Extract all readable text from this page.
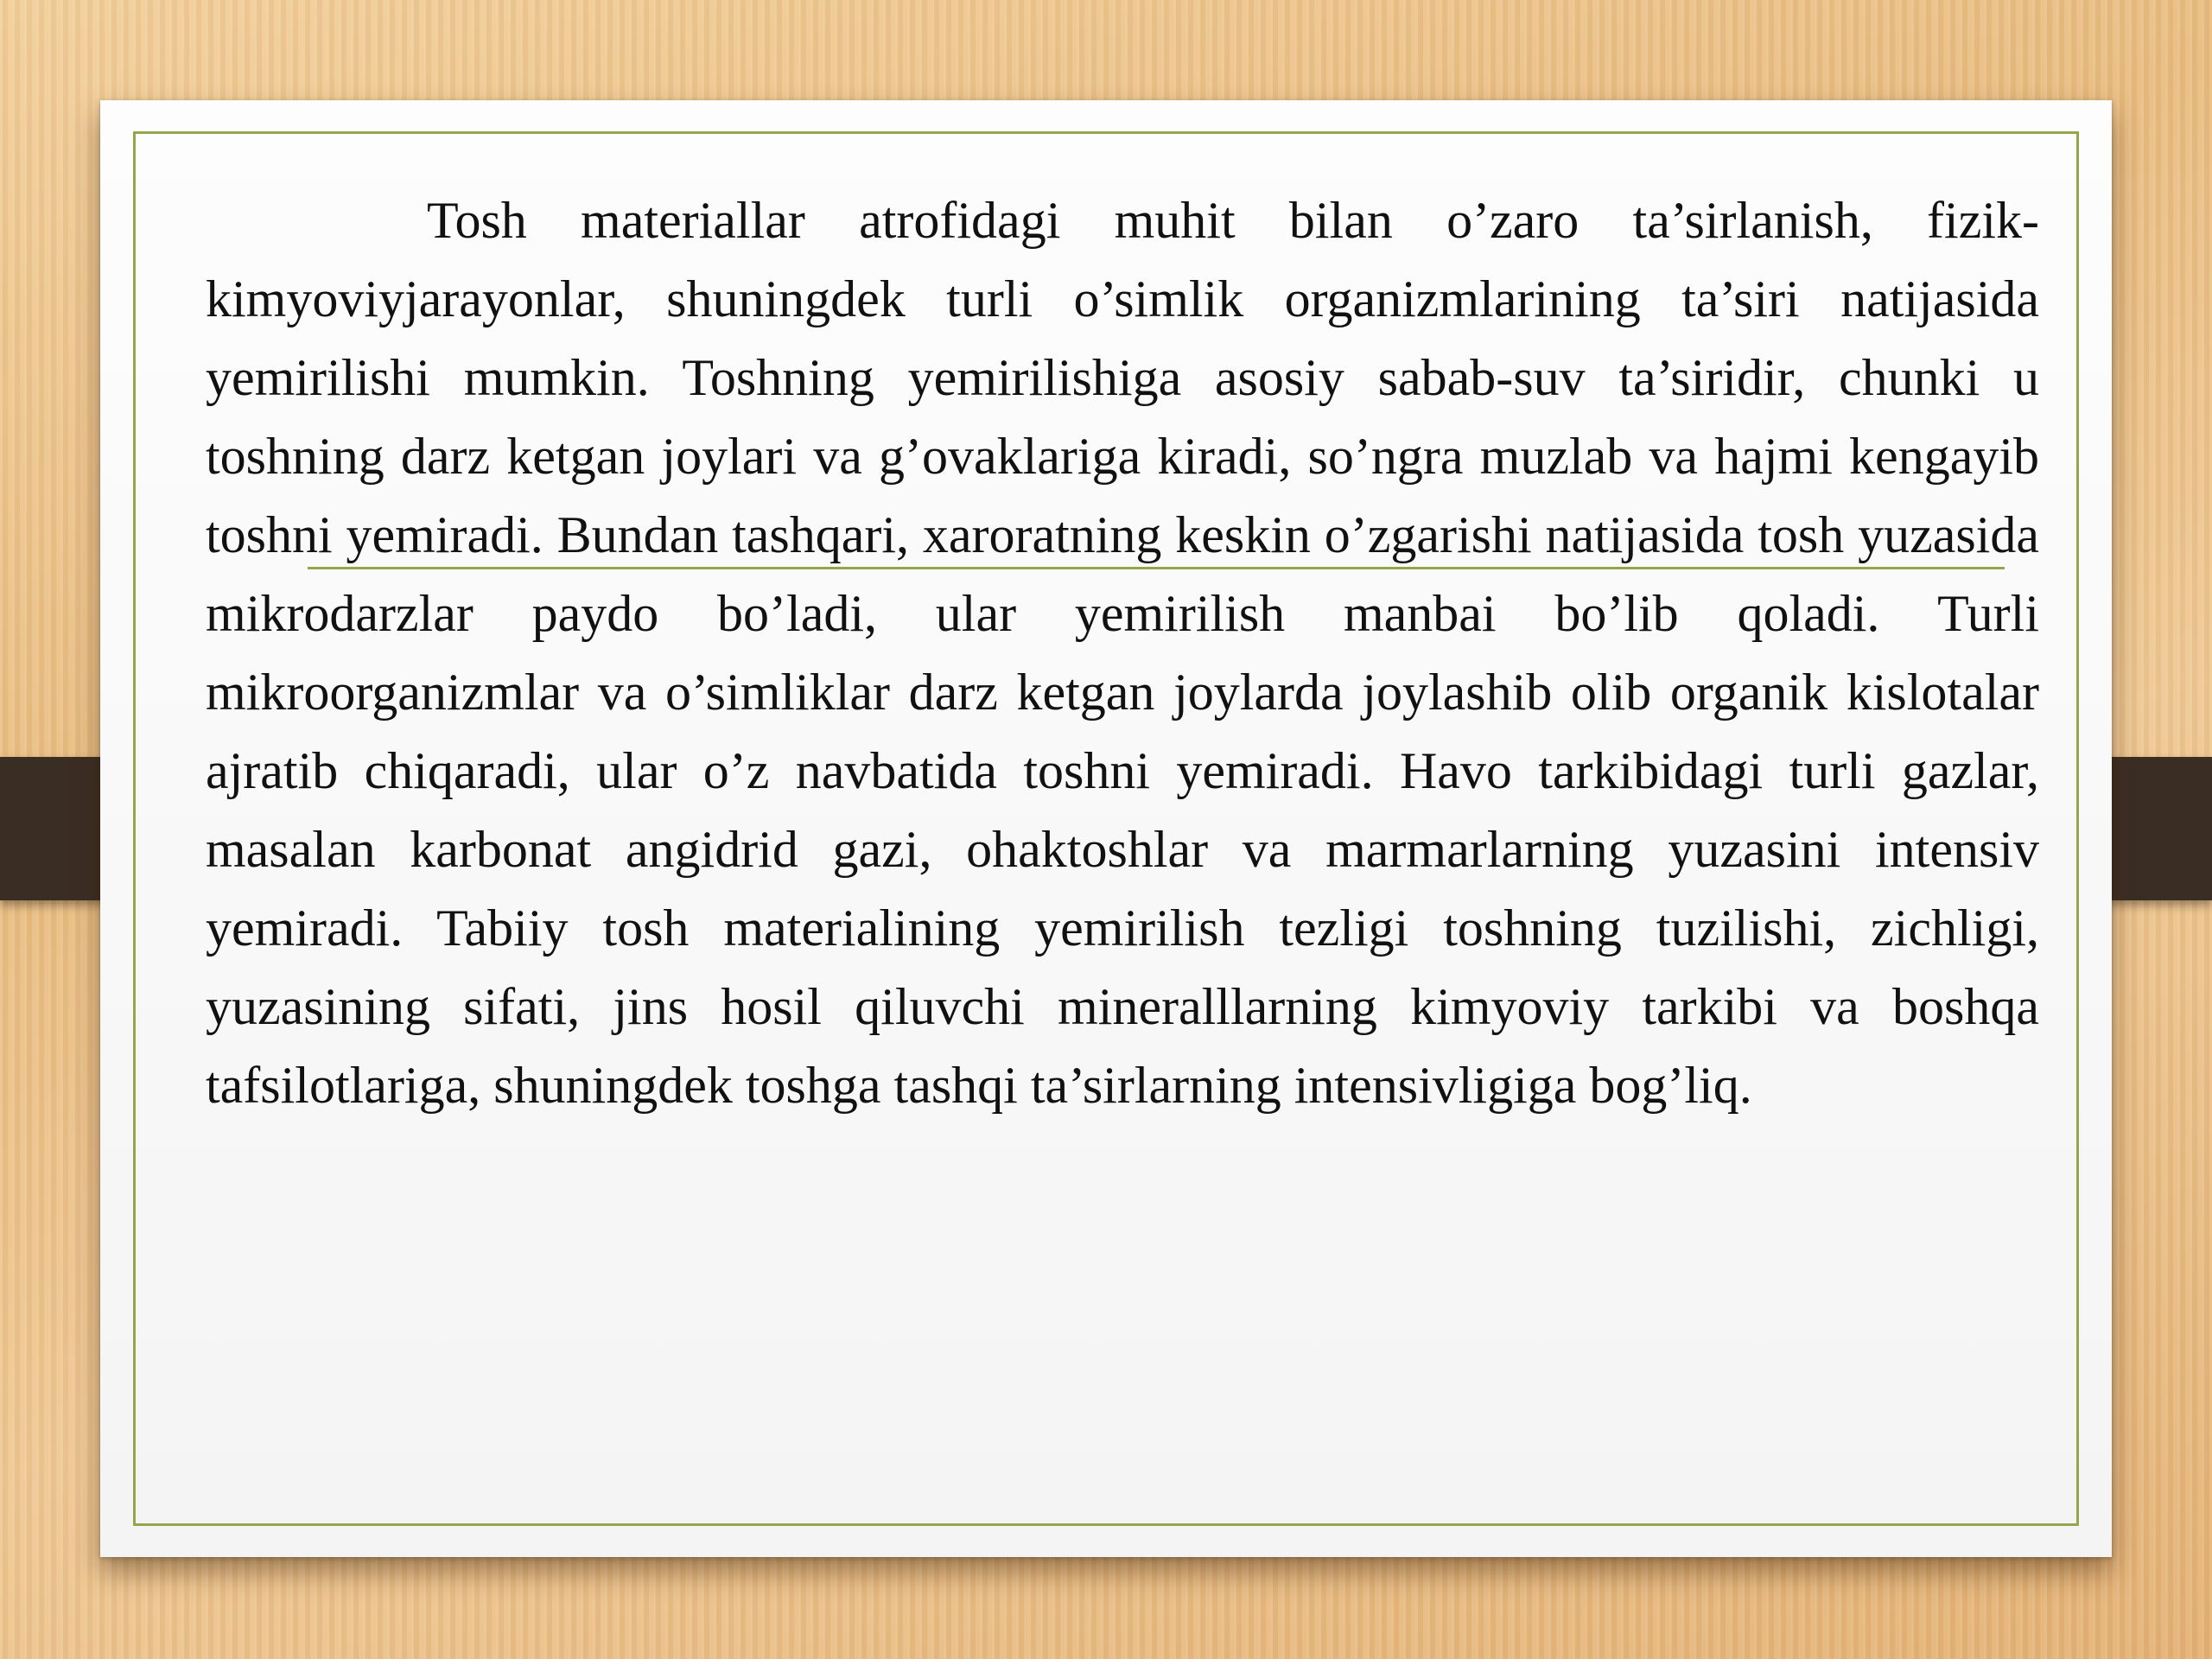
Tosh materiallar atrofidagi muhit bilan o’zaro ta’sirlanish, fizik-kimyoviyjarayonlar, shuningdek turli o’simlik organizmlarining ta’siri natijasida yemirilishi mumkin. Toshning yemirilishiga asosiy sabab-suv ta’siridir, chunki u toshning darz ketgan joylari va g’ovaklariga kiradi, so’ngra muzlab va hajmi kengayib toshni yemiradi. Bundan tashqari, xaroratning keskin o’zgarishi natijasida tosh yuzasida mikrodarzlar paydo bo’ladi, ular yemirilish manbai bo’lib qoladi. Turli mikroorganizmlar va o’simliklar darz ketgan joylarda joylashib olib organik kislotalar ajratib chiqaradi, ular o’z navbatida toshni yemiradi. Havo tarkibidagi turli gazlar, masalan karbonat angidrid gazi, ohaktoshlar va marmarlarning yuzasini intensiv yemiradi. Tabiiy tosh materialining yemirilish tezligi toshning tuzilishi, zichligi, yuzasining sifati, jins hosil qiluvchi mineralllarning kimyoviy tarkibi va boshqa tafsilotlariga, shuningdek toshga tashqi ta’sirlarning intensivligiga bog’liq.
